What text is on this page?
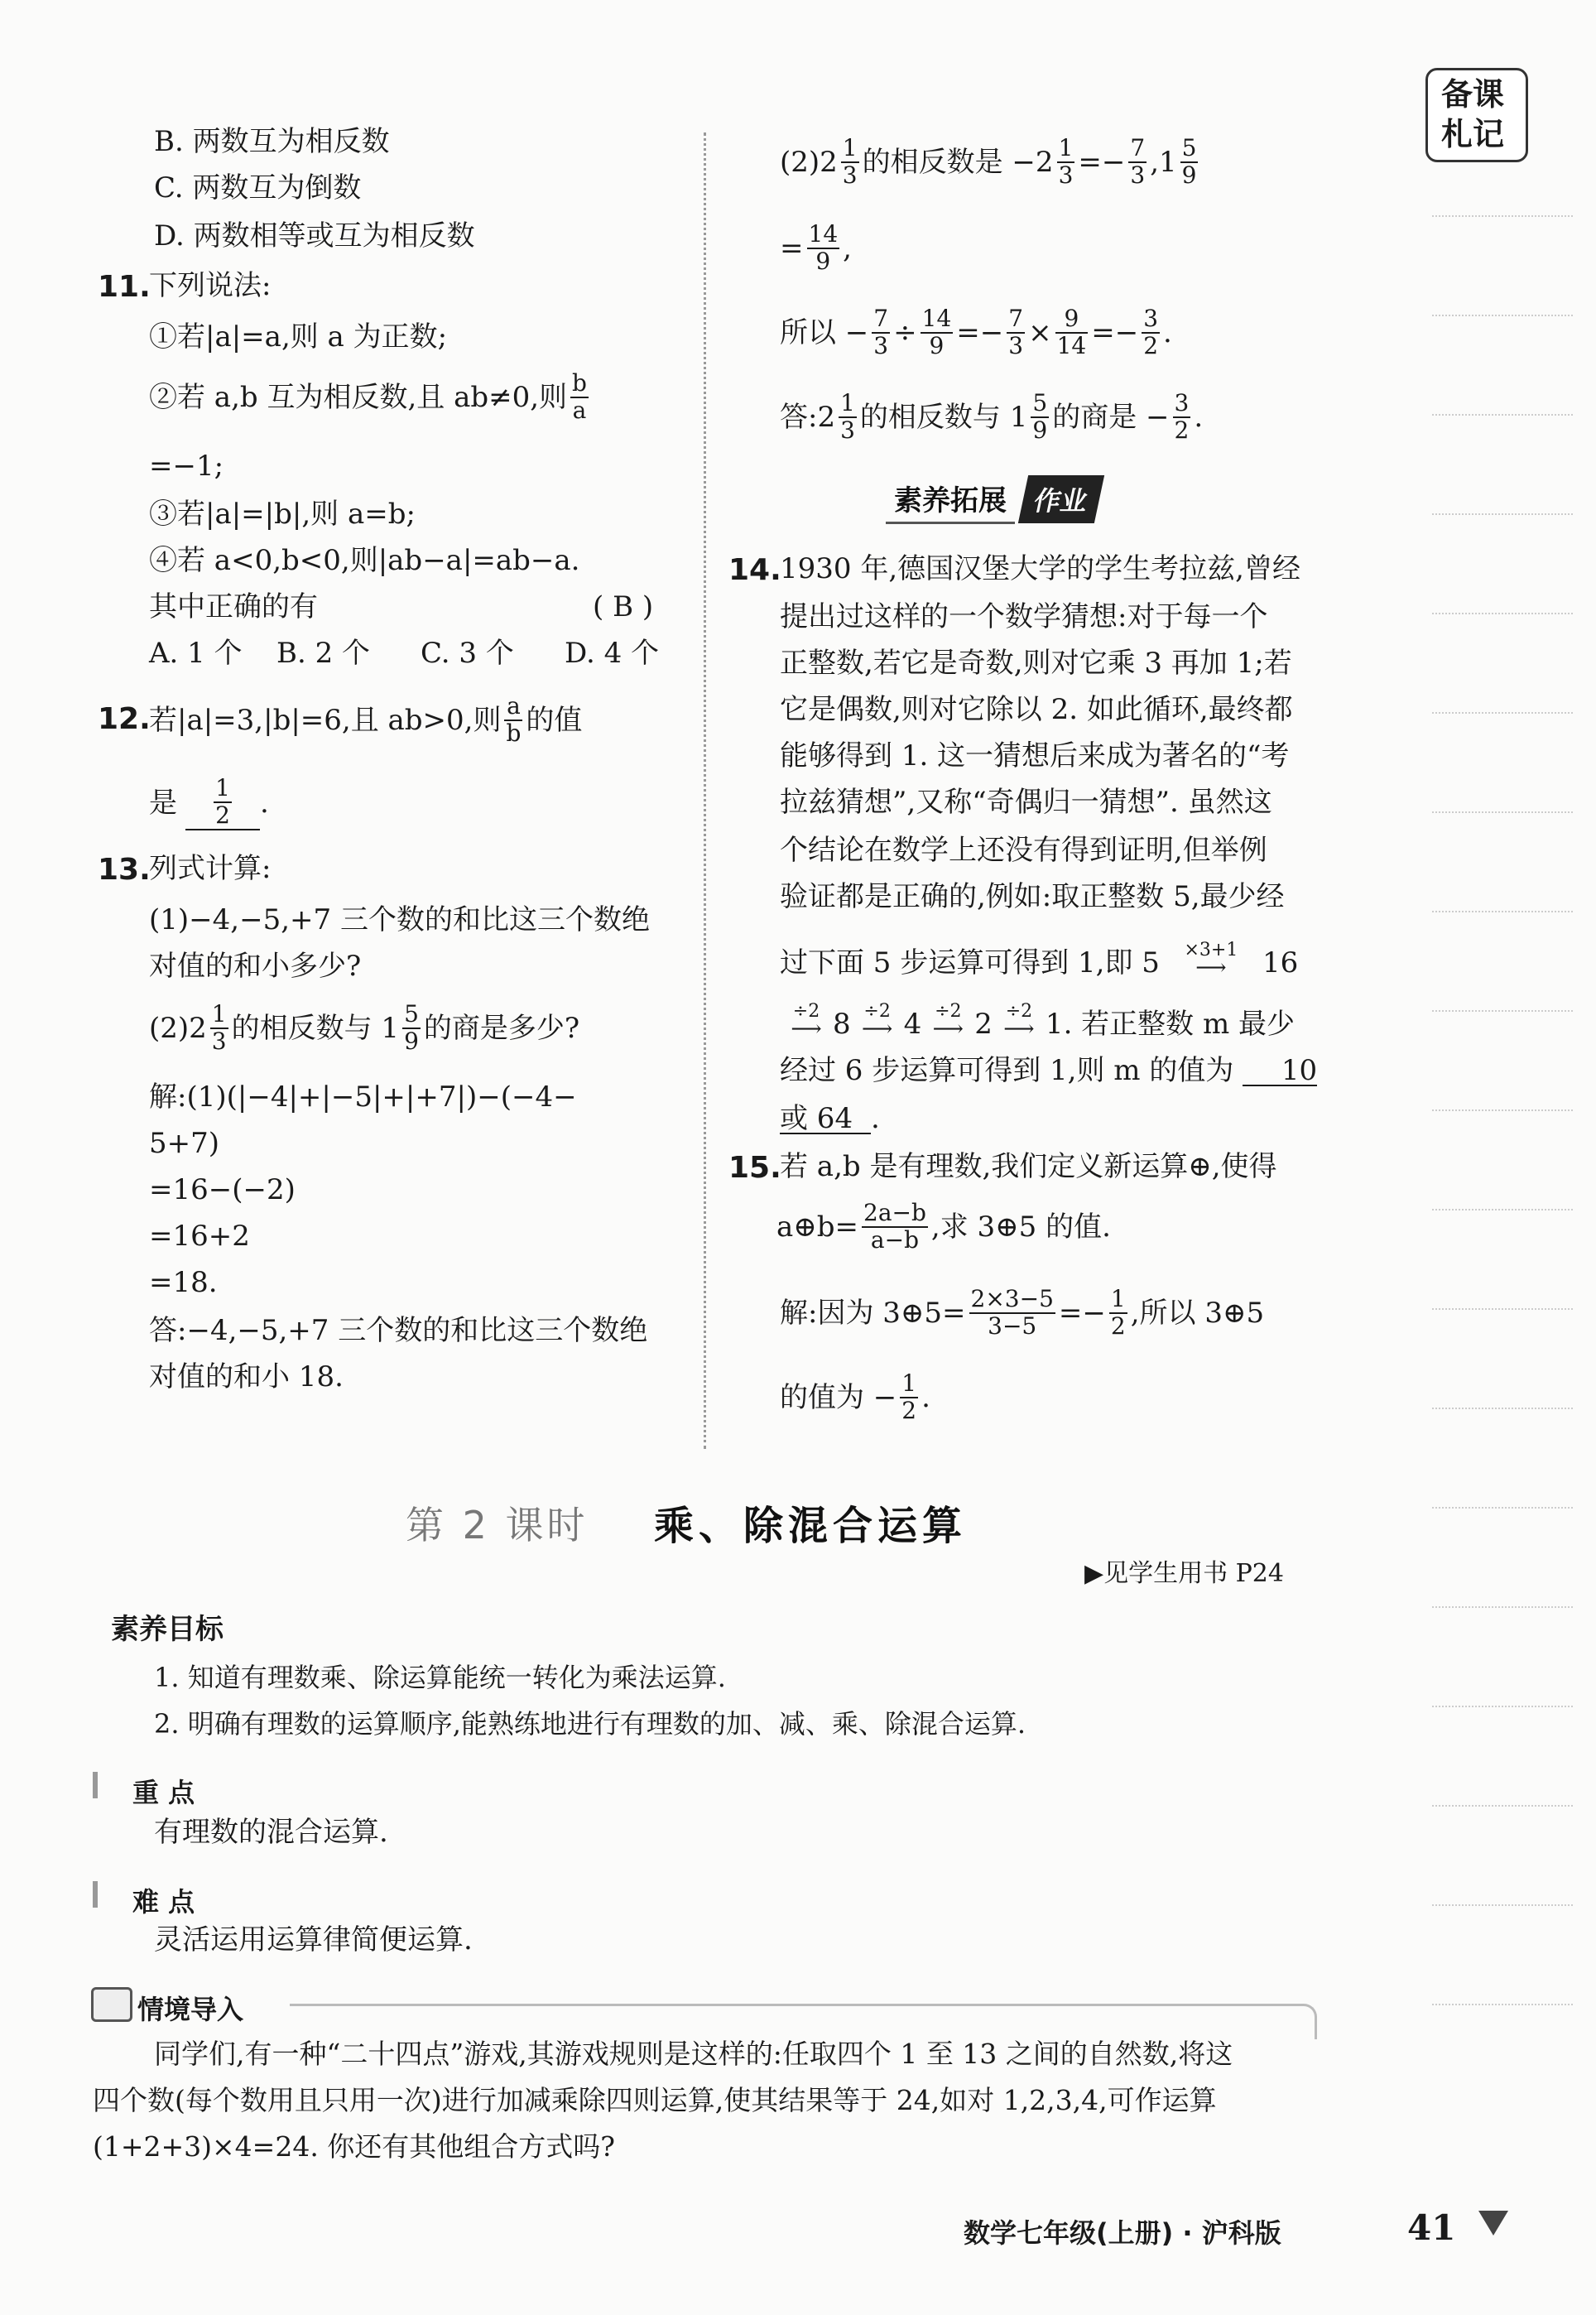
备课
札记
B. 两数互为相反数
C. 两数互为倒数
D. 两数相等或互为相反数
11.
下列说法:
①若|a|=a,则 a 为正数;
②若 a,b 互为相反数,且 ab≠0,则 $\frac{b}{a}$
=−1;
③若|a|=|b|,则 a=b;
④若 a<0,b<0,则|ab−a|=ab−a.
其中正确的有	( B )
A. 1 个 B. 2 个 C. 3 个 D. 4 个
12.
若|a|=3,|b|=6,且 ab>0,则 $\frac{a}{b}$ 的值
是 $\frac{1}{2}$ .
13.
列式计算:
(1)−4,−5,+7 三个数的和比这三个数绝
对值的和小多少?
$(2)2 \frac{1}{3}$ 的相反数与 $1 \frac{5}{9}$ 的商是多少?
解:(1)(|−4|+|−5|+|+7|)−(−4−
5+7)
=16−(−2)
=16+2
=18.
答:−4,−5,+7 三个数的和比这三个数绝
对值的和小 18.
$(2)2 \frac{1}{3}$ 的相反数是 $-2 \frac{1}{3} =- \frac{7}{3} ,1 \frac{5}{9}$
= $\frac{14}{9}$ ,
所以 − $\frac{7}{3} \div \frac{14}{9} =- \frac{7}{3} \times \frac{9}{14} =- \frac{3}{2}$ .
答:2 $\frac{1}{3}$ 的相反数与 $1 \frac{5}{9}$ 的商是 − $\frac{3}{2}$ .
素养拓展 作业
14.
1930 年,德国汉堡大学的学生考拉兹,曾经
提出过这样的一个数学猜想:对于每一个
正整数,若它是奇数,则对它乘 3 再加 1;若
它是偶数,则对它除以 2. 如此循环,最终都
能够得到 1. 这一猜想后来成为著名的“考
拉兹猜想”,又称“奇偶归一猜想”. 虽然这
个结论在数学上还没有得到证明,但举例
验证都是正确的,例如:取正整数 5,最少经
过下面 5 步运算可得到 1,即 5	×3+1
⟶	16
÷2
⟶ 8 ÷2
⟶ 4 ÷2
⟶ 2 ÷2
⟶ 1 . 若正整数 m 最少
经过 6 步运算可得到 1,则 m 的值为 10
或 64 .
15.
若 a,b 是有理数,我们定义新运算⊕,使得
a⊕b= $\frac{2a-b}{a-b}$ ,求 3⊕5 的值.
解:因为 3⊕5= $\frac{2\times 3-5}{3-5} =- \frac{1}{2}$ ,所以 3⊕5
的值为 − $\frac{1}{2}$ .
第 2 课时 乘、除混合运算
▶见学生用书 P24
素养目标
1. 知道有理数乘、除运算能统一转化为乘法运算.
2. 明确有理数的运算顺序,能熟练地进行有理数的加、减、乘、除混合运算.
重 点
有理数的混合运算.
难 点
灵活运用运算律简便运算.
情境导入
同学们,有一种“二十四点”游戏,其游戏规则是这样的:任取四个 1 至 13 之间的自然数,将这
四个数(每个数用且只用一次)进行加减乘除四则运算,使其结果等于 24,如对 1,2,3,4,可作运算
(1+2+3)×4=24. 你还有其他组合方式吗?
数学七年级(上册) · 沪科版	41
